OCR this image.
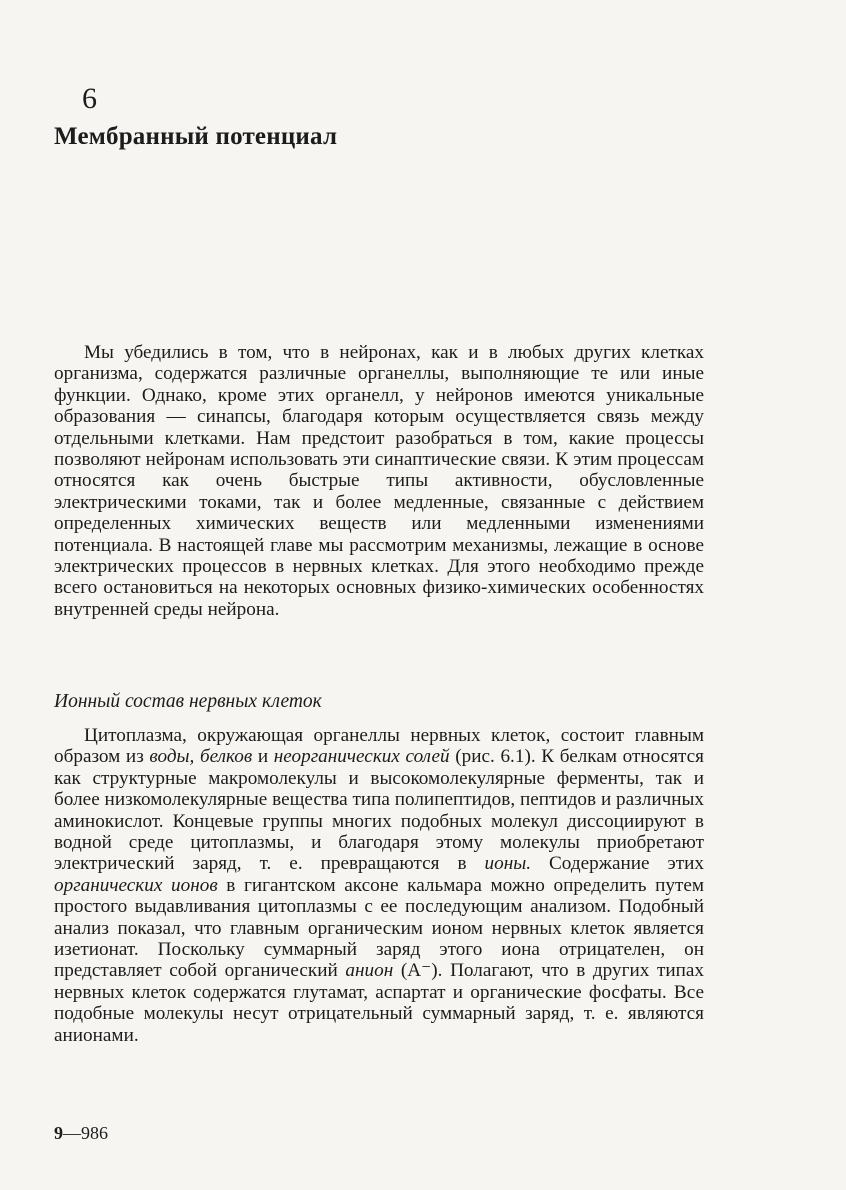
6
Мембранный потенциал

Мы убедились в том, что в нейронах, как и в любых других клетках организма, содержатся различные органеллы, выполняющие те или иные функции. Однако, кроме этих органелл, у нейронов имеются уникальные образования — синапсы, благодаря которым осуществляется связь между отдельными клетками. Нам предстоит разобраться в том, какие процессы позволяют нейронам использовать эти синаптические связи. К этим процессам относятся как очень быстрые типы активности, обусловленные электрическими токами, так и более медленные, связанные с действием определенных химических веществ или медленными изменениями потенциала. В настоящей главе мы рассмотрим механизмы, лежащие в основе электрических процессов в нервных клетках. Для этого необходимо прежде всего остановиться на некоторых основных физико-химических особенностях внутренней среды нейрона.

Ионный состав нервных клеток

Цитоплазма, окружающая органеллы нервных клеток, состоит главным образом из воды, белков и неорганических солей (рис. 6.1). К белкам относятся как структурные макромолекулы и высокомолекулярные ферменты, так и более низкомолекулярные вещества типа полипептидов, пептидов и различных аминокислот. Концевые группы многих подобных молекул диссоциируют в водной среде цитоплазмы, и благодаря этому молекулы приобретают электрический заряд, т. е. превращаются в ионы. Содержание этих органических ионов в гигантском аксоне кальмара можно определить путем простого выдавливания цитоплазмы с ее последующим анализом. Подобный анализ показал, что главным органическим ионом нервных клеток является изетионат. Поскольку суммарный заряд этого иона отрицателен, он представляет собой органический анион (A⁻). Полагают, что в других типах нервных клеток содержатся глутамат, аспартат и органические фосфаты. Все подобные молекулы несут отрицательный суммарный заряд, т. е. являются анионами.

9—986
